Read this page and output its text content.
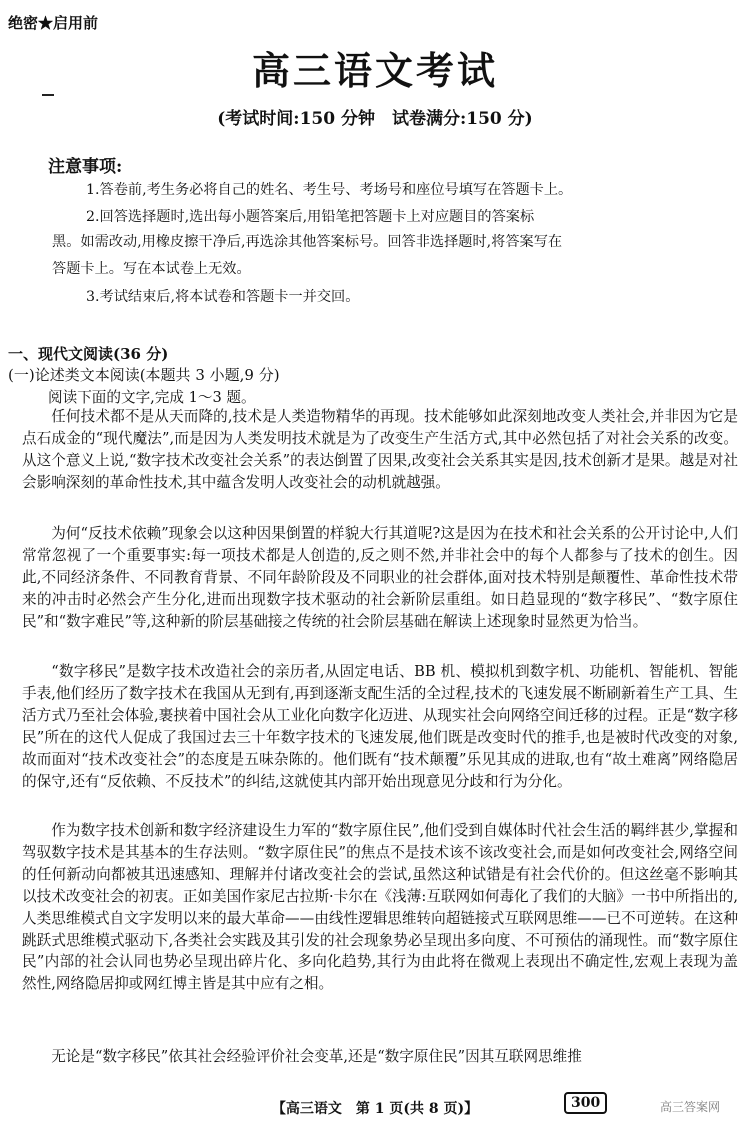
绝密★启用前
高三语文考试
(考试时间:150 分钟　试卷满分:150 分)
注意事项:
1.答卷前,考生务必将自己的姓名、考生号、考场号和座位号填写在答题卡上。
2.回答选择题时,选出每小题答案后,用铅笔把答题卡上对应题目的答案标
黑。如需改动,用橡皮擦干净后,再选涂其他答案标号。回答非选择题时,将答案写在
答题卡上。写在本试卷上无效。
3.考试结束后,将本试卷和答题卡一并交回。
一、现代文阅读(36 分)
(一)论述类文本阅读(本题共 3 小题,9 分)
阅读下面的文字,完成 1～3 题。
任何技术都不是从天而降的,技术是人类造物精华的再现。技术能够如此深刻地改变人类社会,并非因为它是点石成金的“现代魔法”,而是因为人类发明技术就是为了改变生产生活方式,其中必然包括了对社会关系的改变。从这个意义上说,“数字技术改变社会关系”的表达倒置了因果,改变社会关系其实是因,技术创新才是果。越是对社会影响深刻的革命性技术,其中蕴含发明人改变社会的动机就越强。
为何“反技术依赖”现象会以这种因果倒置的样貌大行其道呢?这是因为在技术和社会关系的公开讨论中,人们常常忽视了一个重要事实:每一项技术都是人创造的,反之则不然,并非社会中的每个人都参与了技术的创生。因此,不同经济条件、不同教育背景、不同年龄阶段及不同职业的社会群体,面对技术特别是颠覆性、革命性技术带来的冲击时必然会产生分化,进而出现数字技术驱动的社会新阶层重组。如日趋显现的“数字移民”、“数字原住民”和“数字难民”等,这种新的阶层基础接之传统的社会阶层基础在解读上述现象时显然更为恰当。
“数字移民”是数字技术改造社会的亲历者,从固定电话、BB 机、模拟机到数字机、功能机、智能机、智能手表,他们经历了数字技术在我国从无到有,再到逐渐支配生活的全过程,技术的飞速发展不断刷新着生产工具、生活方式乃至社会体验,裹挟着中国社会从工业化向数字化迈进、从现实社会向网络空间迁移的过程。正是“数字移民”所在的这代人促成了我国过去三十年数字技术的飞速发展,他们既是改变时代的推手,也是被时代改变的对象,故而面对“技术改变社会”的态度是五味杂陈的。他们既有“技术颠覆”乐见其成的进取,也有“故土难离”网络隐居的保守,还有“反依赖、不反技术”的纠结,这就使其内部开始出现意见分歧和行为分化。
作为数字技术创新和数字经济建设生力军的“数字原住民”,他们受到自媒体时代社会生活的羁绊甚少,掌握和驾驭数字技术是其基本的生存法则。“数字原住民”的焦点不是技术该不该改变社会,而是如何改变社会,网络空间的任何新动向都被其迅速感知、理解并付诸改变社会的尝试,虽然这种试错是有社会代价的。但这丝毫不影响其以技术改变社会的初衷。正如美国作家尼古拉斯·卡尔在《浅薄:互联网如何毒化了我们的大脑》一书中所指出的,人类思维模式自文字发明以来的最大革命——由线性逻辑思维转向超链接式互联网思维——已不可逆转。在这种跳跃式思维模式驱动下,各类社会实践及其引发的社会现象势必呈现出多向度、不可预估的涌现性。而“数字原住民”内部的社会认同也势必呈现出碎片化、多向化趋势,其行为由此将在微观上表现出不确定性,宏观上表现为盖然性,网络隐居抑或网红博主皆是其中应有之相。
无论是“数字移民”依其社会经验评价社会变革,还是“数字原住民”因其互联网思维推
【高三语文　第 1 页(共 8 页)】	300	高三答案网
